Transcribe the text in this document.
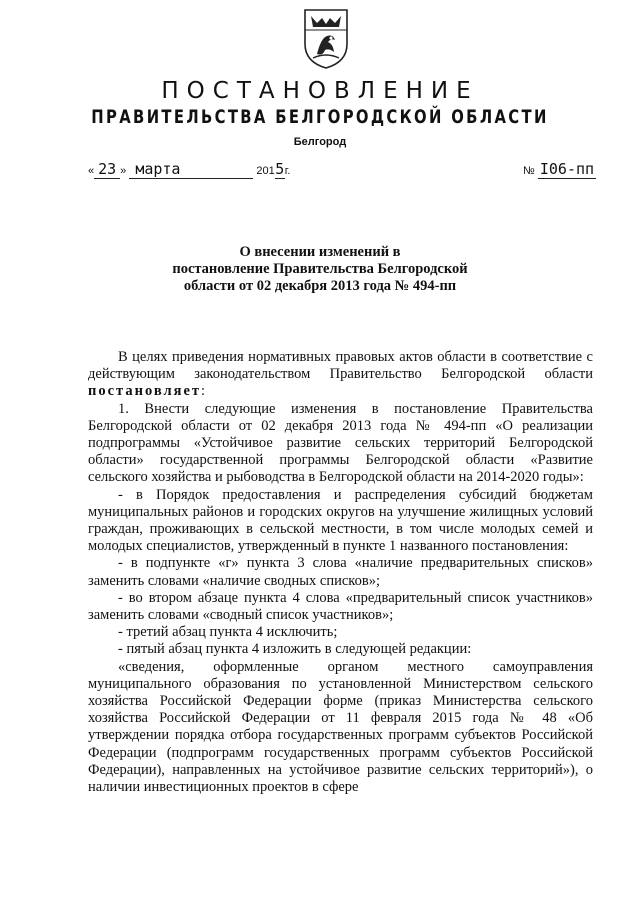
ПОСТАНОВЛЕНИЕ
ПРАВИТЕЛЬСТВА БЕЛГОРОДСКОЙ ОБЛАСТИ
Белгород
« 23 » марта	2015г.	№ I06-пп
О внесении изменений в
постановление Правительства Белгородской
области от 02 декабря 2013 года № 494-пп

В целях приведения нормативных правовых актов области в соответствие с действующим законодательством Правительство Белгородской области постановляет:

1. Внести следующие изменения в постановление Правительства Белгородской области от 02 декабря 2013 года № 494-пп «О реализации подпрограммы «Устойчивое развитие сельских территорий Белгородской области» государственной программы Белгородской области «Развитие сельского хозяйства и рыбоводства в Белгородской области на 2014-2020 годы»:

- в Порядок предоставления и распределения субсидий бюджетам муниципальных районов и городских округов на улучшение жилищных условий граждан, проживающих в сельской местности, в том числе молодых семей и молодых специалистов, утвержденный в пункте 1 названного постановления:

- в подпункте «г» пункта 3 слова «наличие предварительных списков» заменить словами «наличие сводных списков»;

- во втором абзаце пункта 4 слова «предварительный список участников» заменить словами «сводный список участников»;

- третий абзац пункта 4 исключить;

- пятый абзац пункта 4 изложить в следующей редакции:

«сведения, оформленные органом местного самоуправления муниципального образования по установленной Министерством сельского хозяйства Российской Федерации форме (приказ Министерства сельского хозяйства Российской Федерации от 11 февраля 2015 года № 48 «Об утверждении порядка отбора государственных программ субъектов Российской Федерации (подпрограмм государственных программ субъектов Российской Федерации), направленных на устойчивое развитие сельских территорий»), о наличии инвестиционных проектов в сфере
